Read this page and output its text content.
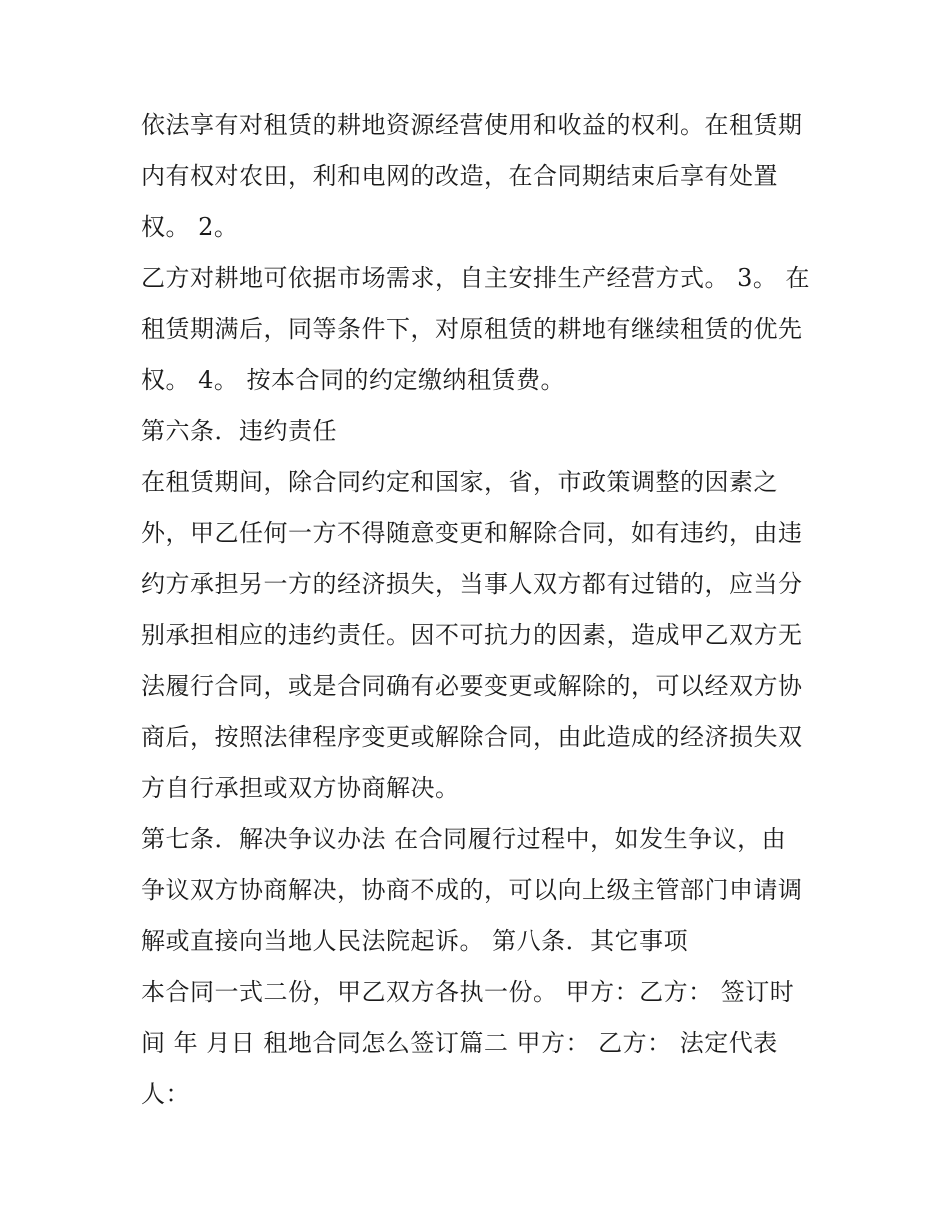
依法享有对租赁的耕地资源经营使用和收益的权利。在租赁期
内有权对农田，利和电网的改造，在合同期结束后享有处置
权。 2。
乙方对耕地可依据市场需求，自主安排生产经营方式。 3。 在
租赁期满后，同等条件下，对原租赁的耕地有继续租赁的优先
权。 4。 按本合同的约定缴纳租赁费。
第六条．违约责任
在租赁期间，除合同约定和国家，省，市政策调整的因素之
外，甲乙任何一方不得随意变更和解除合同，如有违约，由违
约方承担另一方的经济损失，当事人双方都有过错的，应当分
别承担相应的违约责任。因不可抗力的因素，造成甲乙双方无
法履行合同，或是合同确有必要变更或解除的，可以经双方协
商后，按照法律程序变更或解除合同，由此造成的经济损失双
方自行承担或双方协商解决。
第七条．解决争议办法 在合同履行过程中，如发生争议，由
争议双方协商解决，协商不成的，可以向上级主管部门申请调
解或直接向当地人民法院起诉。 第八条．其它事项
本合同一式二份，甲乙双方各执一份。 甲方：乙方： 签订时
间 年 月日 租地合同怎么签订篇二 甲方： 乙方： 法定代表
人：
